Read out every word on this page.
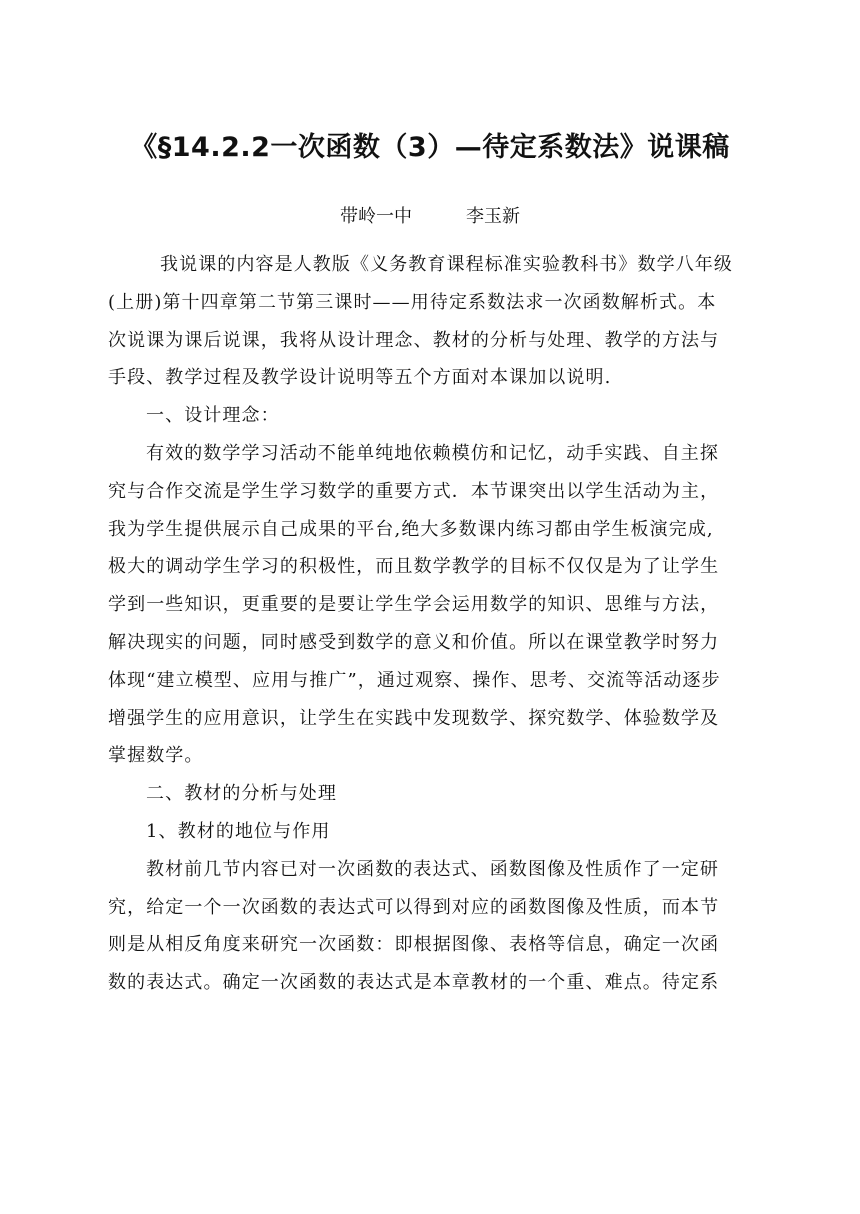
《§14.2.2一次函数（3）—待定系数法》说课稿
带岭一中　　　李玉新
我说课的内容是人教版《义务教育课程标准实验教科书》数学八年级
(上册)第十四章第二节第三课时——用待定系数法求一次函数解析式。本
次说课为课后说课，我将从设计理念、教材的分析与处理、教学的方法与
手段、教学过程及教学设计说明等五个方面对本课加以说明.
一、设计理念：
有效的数学学习活动不能单纯地依赖模仿和记忆，动手实践、自主探
究与合作交流是学生学习数学的重要方式．本节课突出以学生活动为主，
我为学生提供展示自己成果的平台,绝大多数课内练习都由学生板演完成,
极大的调动学生学习的积极性，而且数学教学的目标不仅仅是为了让学生
学到一些知识，更重要的是要让学生学会运用数学的知识、思维与方法，
解决现实的问题，同时感受到数学的意义和价值。所以在课堂教学时努力
体现“建立模型、应用与推广”，通过观察、操作、思考、交流等活动逐步
增强学生的应用意识，让学生在实践中发现数学、探究数学、体验数学及
掌握数学。
二、教材的分析与处理
1、教材的地位与作用
教材前几节内容已对一次函数的表达式、函数图像及性质作了一定研
究，给定一个一次函数的表达式可以得到对应的函数图像及性质，而本节
则是从相反角度来研究一次函数：即根据图像、表格等信息，确定一次函
数的表达式。确定一次函数的表达式是本章教材的一个重、难点。待定系
